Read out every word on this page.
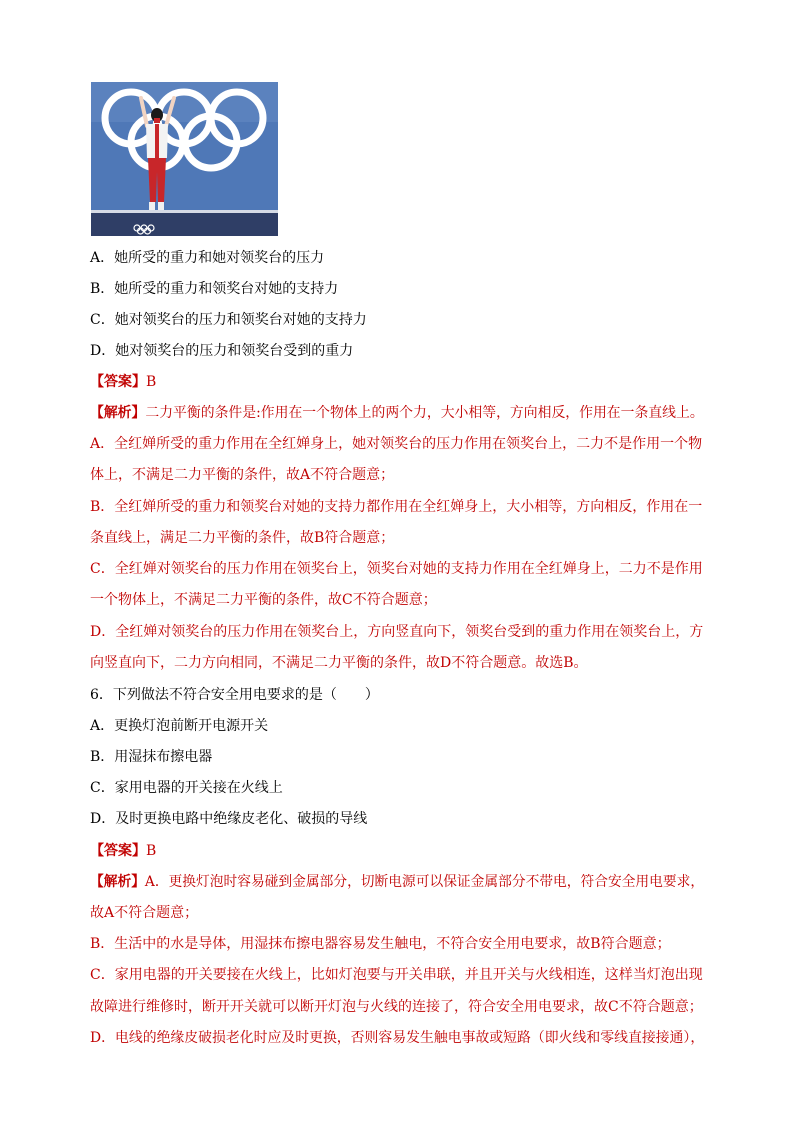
A．她所受的重力和她对领奖台的压力
B．她所受的重力和领奖台对她的支持力
C．她对领奖台的压力和领奖台对她的支持力
D．她对领奖台的压力和领奖台受到的重力
【答案】B
【解析】二力平衡的条件是:作用在一个物体上的两个力，大小相等，方向相反，作用在一条直线上。
A．全红婵所受的重力作用在全红婵身上，她对领奖台的压力作用在领奖台上，二力不是作用一个物
体上，不满足二力平衡的条件，故A不符合题意；
B．全红婵所受的重力和领奖台对她的支持力都作用在全红婵身上，大小相等，方向相反，作用在一
条直线上，满足二力平衡的条件，故B符合题意；
C．全红婵对领奖台的压力作用在领奖台上，领奖台对她的支持力作用在全红婵身上，二力不是作用
一个物体上，不满足二力平衡的条件，故C不符合题意；
D．全红婵对领奖台的压力作用在领奖台上，方向竖直向下，领奖台受到的重力作用在领奖台上，方
向竖直向下，二力方向相同，不满足二力平衡的条件，故D不符合题意。故选B。
6．下列做法不符合安全用电要求的是（　　）
A．更换灯泡前断开电源开关
B．用湿抹布擦电器
C．家用电器的开关接在火线上
D．及时更换电路中绝缘皮老化、破损的导线
【答案】B
【解析】A．更换灯泡时容易碰到金属部分，切断电源可以保证金属部分不带电，符合安全用电要求，
故A不符合题意；
B．生活中的水是导体，用湿抹布擦电器容易发生触电，不符合安全用电要求，故B符合题意；
C．家用电器的开关要接在火线上，比如灯泡要与开关串联，并且开关与火线相连，这样当灯泡出现
故障进行维修时，断开开关就可以断开灯泡与火线的连接了，符合安全用电要求，故C不符合题意；
D．电线的绝缘皮破损老化时应及时更换，否则容易发生触电事故或短路（即火线和零线直接接通），
